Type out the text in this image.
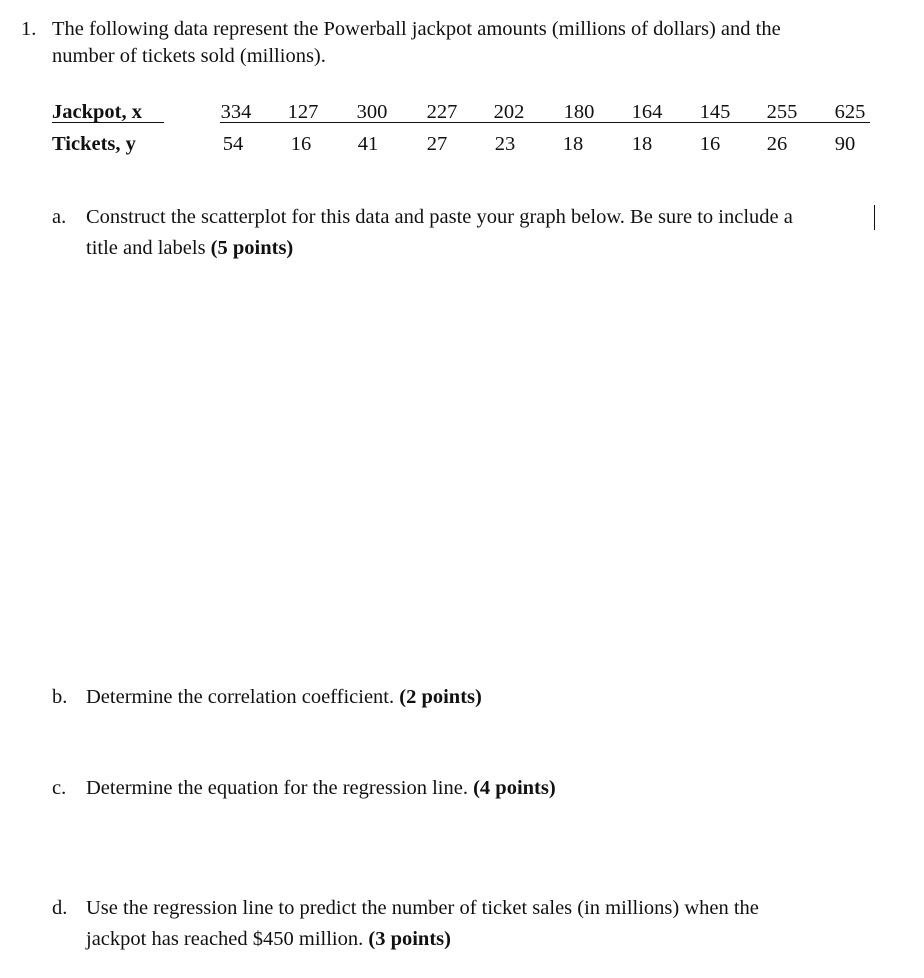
1. The following data represent the Powerball jackpot amounts (millions of dollars) and the
number of tickets sold (millions).
Jackpot, x	334	127	300	227	202	180	164	145	255	625
Tickets, y	54	16	41	27	23	18	18	16	26	90
a. Construct the scatterplot for this data and paste your graph below. Be sure to include a
title and labels (5 points)
b. Determine the correlation coefficient. (2 points)
c. Determine the equation for the regression line. (4 points)
d. Use the regression line to predict the number of ticket sales (in millions) when the
jackpot has reached $450 million. (3 points)
